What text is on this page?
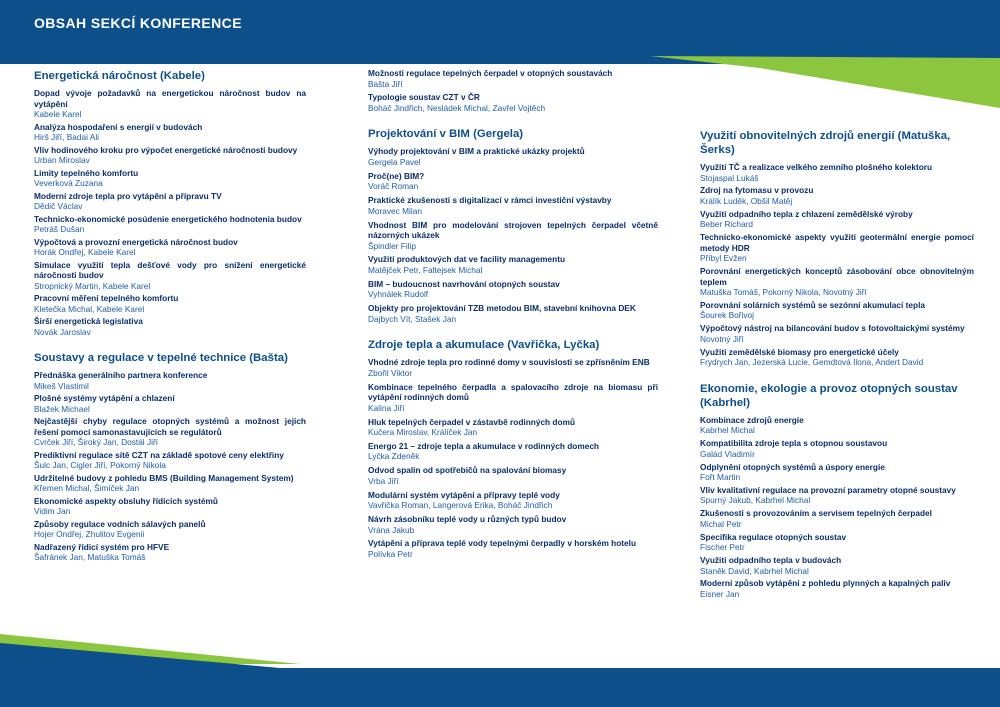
OBSAH SEKCÍ KONFERENCE
Energetická náročnost (Kabele)
Dopad vývoje požadavků na energetickou náročnost budov na vytápění
Kabele Karel
Analýza hospodaření s energií v budovách
Hirš Jiří, Badai Ali
Vliv hodinového kroku pro výpočet energetické náročnosti budovy
Urban Miroslav
Limity tepelného komfortu
Veverková Zuzana
Moderní zdroje tepla pro vytápění a přípravu TV
Dědič Václav
Technicko-ekonomické posúdenie energetického hodnotenia budov
Petráš Dušan
Výpočtová a provozní energetická náročnost budov
Horák Ondřej, Kabele Karel
Simulace využití tepla dešťové vody pro snížení energetické náročnosti budov
Stropnický Martin, Kabele Karel
Pracovní měření tepelného komfortu
Kletečka Michal, Kabele Karel
Širší energetická legislativa
Novák Jaroslav
Soustavy a regulace v tepelné technice (Bašta)
Přednáška generálního partnera konference
Mikeš Vlastimil
Plošné systémy vytápění a chlazení
Blažek Michael
Nejčastější chyby regulace otopných systémů a možnost jejich řešení pomocí samonastavujících se regulátorů
Cvrček Jiří, Široký Jan, Dostál Jiří
Prediktivní regulace sítě CZT na základě spotové ceny elektřiny
Šulc Jan, Cigler Jiří, Pokorný Nikola
Udržitelné budovy z pohledu BMS (Building Management System)
Křemen Michal, Šimíček Jan
Ekonomické aspekty obsluhy řídicích systémů
Vidim Jan
Způsoby regulace vodních sálavých panelů
Hojer Ondřej, Zhulitov Evgenii
Nadřazený řídicí systém pro HFVE
Šafránek Jan, Matuška Tomáš
Možnosti regulace tepelných čerpadel v otopných soustavách
Bašta Jiří
Typologie soustav CZT v ČR
Boháč Jindřich, Nesládek Michal, Zavřel Vojtěch
Projektování v BIM (Gergela)
Výhody projektování v BIM a praktické ukázky projektů
Gergela Pavel
Proč(ne) BIM?
Voráč Roman
Praktické zkušenosti s digitalizací v rámci investiční výstavby
Moravec Milan
Vhodnost BIM pro modelování strojoven tepelných čerpadel včetně názorných ukázek
Špindler Filip
Využití produktových dat ve facility managementu
Matějček Petr, Faltejsek Michal
BIM – budoucnost navrhování otopných soustav
Vyhnálek Rudolf
Objekty pro projektování TZB metodou BIM, stavební knihovna DEK
Dajbych Vít, Stašek Jan
Zdroje tepla a akumulace (Vavřička, Lyčka)
Vhodné zdroje tepla pro rodinné domy v souvislosti se zpřísněním ENB
Zbořil Viktor
Kombinace tepelného čerpadla a spalovacího zdroje na biomasu při vytápění rodinných domů
Kalina Jiří
Hluk tepelných čerpadel v zástavbě rodinných domů
Kučera Miroslav, Králíček Jan
Energo 21 – zdroje tepla a akumulace v rodinných domech
Lyčka Zdeněk
Odvod spalin od spotřebičů na spalování biomasy
Vrba Jiří
Modulární systém vytápění a přípravy teplé vody
Vavřička Roman, Langerová Erika, Boháč Jindřich
Návrh zásobníku teplé vody u různých typů budov
Vrána Jakub
Vytápění a příprava teplé vody tepelnými čerpadly v horském hotelu
Polívka Petr
Využití obnovitelných zdrojů energií (Matuška, Šerks)
Využití TČ a realizace velkého zemního plošného kolektoru
Stojaspal Lukáš
Zdroj na fytomasu v provozu
Králík Luděk, Obšil Matěj
Využití odpadního tepla z chlazení zemědělské výroby
Beber Richard
Technicko-ekonomické aspekty využití geotermální energie pomocí metody HDR
Příbyl Evžen
Porovnání energetických konceptů zásobování obce obnovitelným teplem
Matuška Tomáš, Pokorný Nikola, Novotný Jiří
Porovnání solárních systémů se sezónní akumulací tepla
Šourek Bořivoj
Výpočtový nástroj na bilancování budov s fotovoltaickými systémy
Novotný Jiří
Využití zemědělské biomasy pro energetické účely
Frydrych Jan, Jezerská Lucie, Gemdtová Ilona, Andert David
Ekonomie, ekologie a provoz otopných soustav (Kabrhel)
Kombinace zdrojů energie
Kabrhel Michal
Kompatibilita zdroje tepla s otopnou soustavou
Galád Vladimír
Odplynění otopných systémů a úspory energie
Fořt Martin
Vliv kvalitativní regulace na provozní parametry otopné soustavy
Spurný Jakub, Kabrhel Michal
Zkušenosti s provozováním a servisem tepelných čerpadel
Michal Petr
Specifika regulace otopných soustav
Fischer Petr
Využití odpadního tepla v budovách
Staněk David, Kabrhel Michal
Moderní způsob vytápění z pohledu plynných a kapalných paliv
Eisner Jan
